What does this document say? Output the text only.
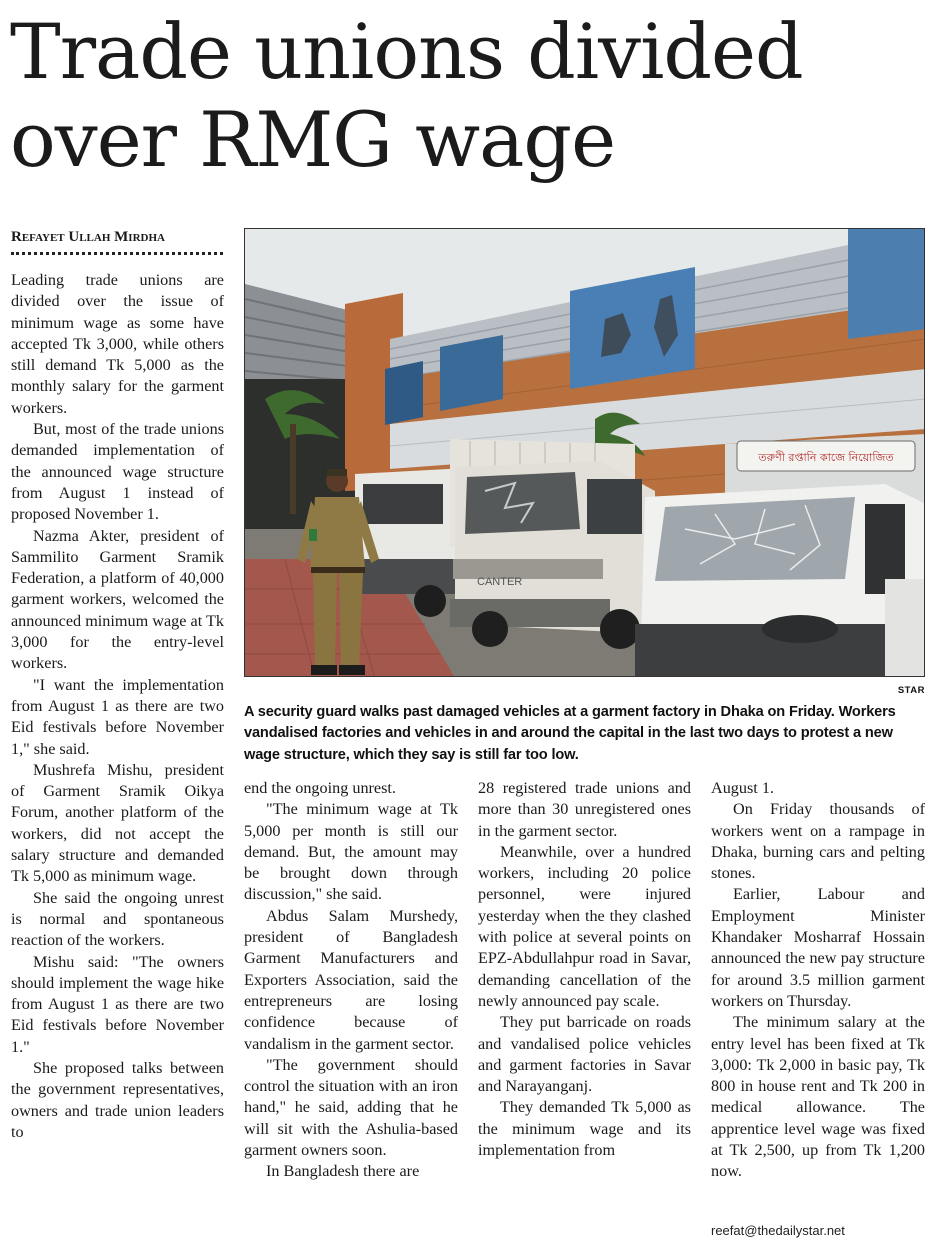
Trade unions divided over RMG wage
Refayet Ullah Mirdha

Leading trade unions are divided over the issue of minimum wage as some have accepted Tk 3,000, while others still demand Tk 5,000 as the monthly salary for the garment workers.

But, most of the trade unions demanded implementation of the announced wage structure from August 1 instead of proposed November 1.

Nazma Akter, president of Sammilito Garment Sramik Federation, a platform of 40,000 garment workers, welcomed the announced minimum wage at Tk 3,000 for the entry-level workers.

"I want the implementation from August 1 as there are two Eid festivals before November 1," she said.

Mushrefa Mishu, president of Garment Sramik Oikya Forum, another platform of the workers, did not accept the salary structure and demanded Tk 5,000 as minimum wage.

She said the ongoing unrest is normal and spontaneous reaction of the workers.

Mishu said: "The owners should implement the wage hike from August 1 as there are two Eid festivals before November 1."

She proposed talks between the government representatives, owners and trade union leaders to

তরুণী রপ্তানি কাজে নিয়োজিত
CANTER
STAR

A security guard walks past damaged vehicles at a garment factory in Dhaka on Friday. Workers vandalised factories and vehicles in and around the capital in the last two days to protest a new wage structure, which they say is still far too low.

end the ongoing unrest.

"The minimum wage at Tk 5,000 per month is still our demand. But, the amount may be brought down through discussion," she said.

Abdus Salam Murshedy, president of Bangladesh Garment Manufacturers and Exporters Association, said the entrepreneurs are losing confidence because of vandalism in the garment sector.

"The government should control the situation with an iron hand," he said, adding that he will sit with the Ashulia-based garment owners soon.

In Bangladesh there are

28 registered trade unions and more than 30 unregistered ones in the garment sector.

Meanwhile, over a hundred workers, including 20 police personnel, were injured yesterday when the they clashed with police at several points on EPZ-Abdullahpur road in Savar, demanding cancellation of the newly announced pay scale.

They put barricade on roads and vandalised police vehicles and garment factories in Savar and Narayanganj.

They demanded Tk 5,000 as the minimum wage and its implementation from

August 1.

On Friday thousands of workers went on a rampage in Dhaka, burning cars and pelting stones.

Earlier, Labour and Employment Minister Khandaker Mosharraf Hossain announced the new pay structure for around 3.5 million garment workers on Thursday.

The minimum salary at the entry level has been fixed at Tk 3,000: Tk 2,000 in basic pay, Tk 800 in house rent and Tk 200 in medical allowance. The apprentice level wage was fixed at Tk 2,500, up from Tk 1,200 now.

reefat@thedailystar.net
